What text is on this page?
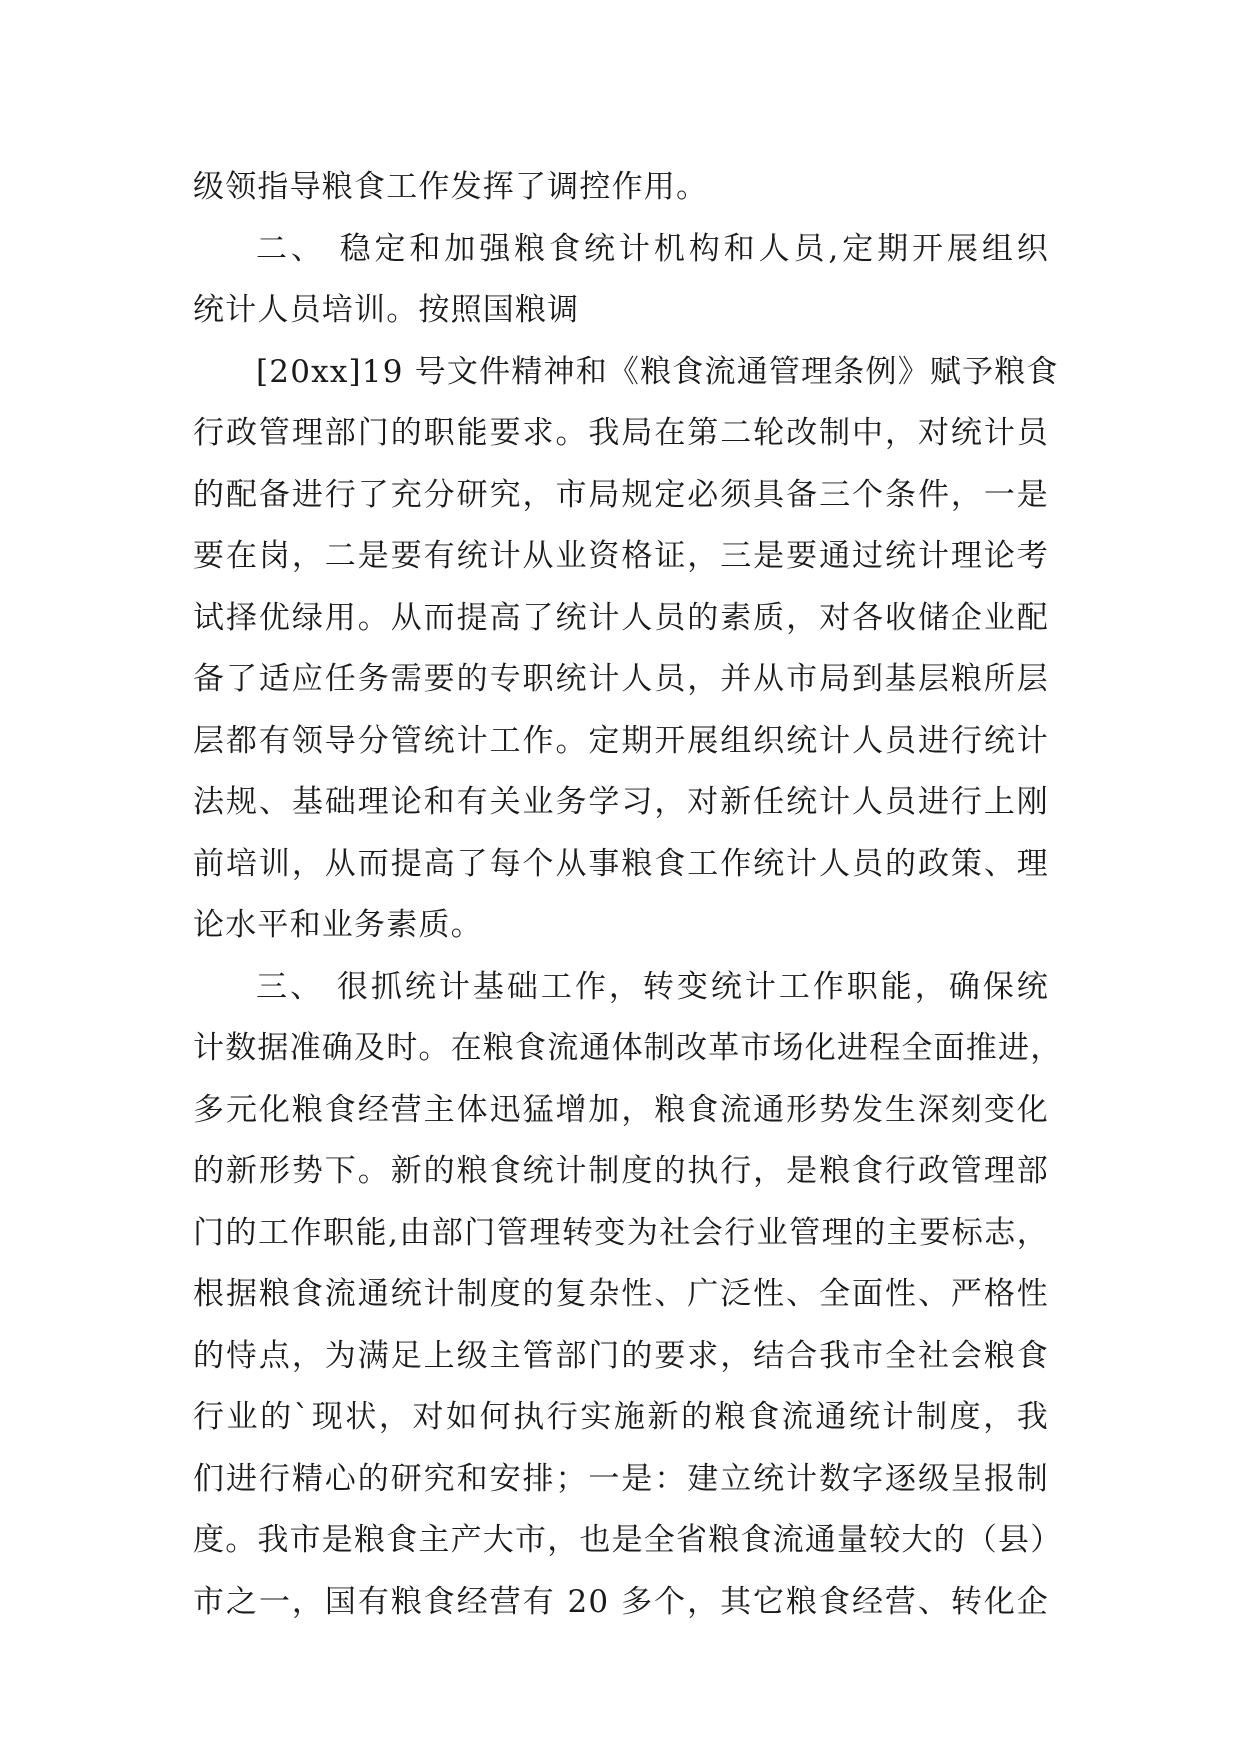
级领指导粮食工作发挥了调控作用。
二、 稳定和加强粮食统计机构和人员,定期开展组织
统计人员培训。按照国粮调
[20xx]19 号文件精神和《粮食流通管理条例》赋予粮食
行政管理部门的职能要求。我局在第二轮改制中，对统计员
的配备进行了充分研究，市局规定必须具备三个条件，一是
要在岗，二是要有统计从业资格证，三是要通过统计理论考
试择优绿用。从而提高了统计人员的素质，对各收储企业配
备了适应任务需要的专职统计人员，并从市局到基层粮所层
层都有领导分管统计工作。定期开展组织统计人员进行统计
法规、基础理论和有关业务学习，对新任统计人员进行上刚
前培训，从而提高了每个从事粮食工作统计人员的政策、理
论水平和业务素质。
三、 很抓统计基础工作，转变统计工作职能，确保统
计数据准确及时。在粮食流通体制改革市场化进程全面推进，
多元化粮食经营主体迅猛增加，粮食流通形势发生深刻变化
的新形势下。新的粮食统计制度的执行，是粮食行政管理部
门的工作职能,由部门管理转变为社会行业管理的主要标志，
根据粮食流通统计制度的复杂性、广泛性、全面性、严格性
的恃点，为满足上级主管部门的要求，结合我市全社会粮食
行业的`现状，对如何执行实施新的粮食流通统计制度，我
们进行精心的研究和安排；一是：建立统计数字逐级呈报制
度。我市是粮食主产大市，也是全省粮食流通量较大的（县）
市之一，国有粮食经营有 20 多个，其它粮食经营、转化企
